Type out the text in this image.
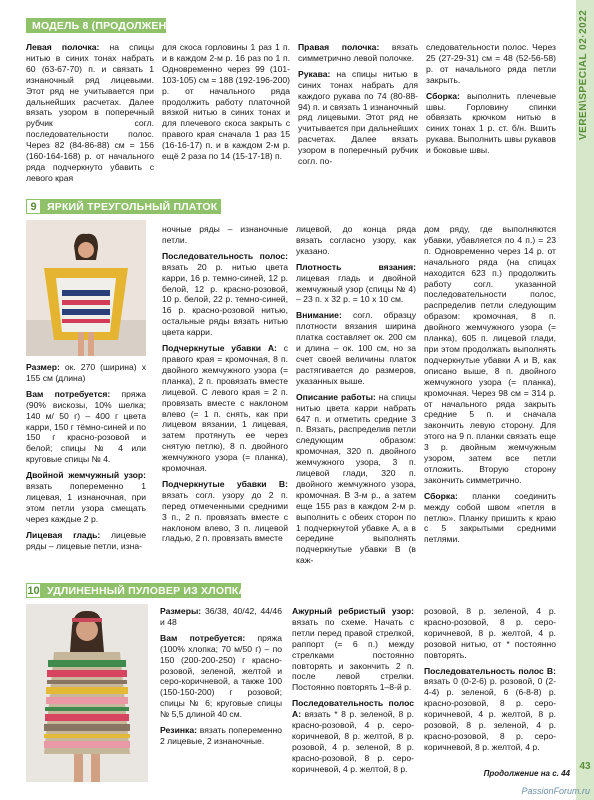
VEREN\SPECIAL 02·2022
МОДЕЛЬ 8 (ПРОДОЛЖЕНИЕ)

Левая полочка: на спицы нитью в синих тонах набрать 60 (63-67-70) п. и связать 1 изнаночный ряд лицевыми. Этот ряд не учитывается при дальнейших расчетах. Далее вязать узором в поперечный рубчик согл. последовательности полос. Через 82 (84-86-88) см = 156 (160-164-168) р. от начального ряда подчеркнуто убавить с левого края

для скоса горловины 1 раз 1 п. и в каждом 2-м р. 16 раз по 1 п. Одновременно через 99 (101-103-105) см = 188 (192-196-200) р. от начального ряда продолжить работу платочной вязкой нитью в синих тонах и для плечевого скоса закрыть с правого края сначала 1 раз 15 (16-16-17) п. и в каждом 2-м р. ещё 2 раза по 14 (15-17-18) п.

Правая полочка: вязать симметрично левой полочке.

Рукава: на спицы нитью в синих тонах набрать для каждого рукава по 74 (80-88-94) п. и связать 1 изнаночный ряд лицевыми. Этот ряд не учитывается при дальнейших расчетах. Далее вязать узором в поперечный рубчик согл. по-

следовательности полос. Через 25 (27-29-31) см = 48 (52-56-58) р. от начального ряда петли закрыть.

Сборка: выполнить плечевые швы. Горловину спинки обвязать крючком нитью в синих тонах 1 р. ст. б/н. Вшить рукава. Выполнить швы рукавов и боковые швы.

9 ЯРКИЙ ТРЕУГОЛЬНЫЙ ПЛАТОК

Размер: ок. 270 (ширина) x 155 см (длина)

Вам потребуется: пряжа (90% вискозы, 10% шелка; 140 м/ 50 г) – 400 г цвета карри, 150 г тёмно-синей и по 150 г красно-розовой и белой; спицы № 4 или круговые спицы № 4.

Двойной жемчужный узор: вязать попеременно 1 лицевая, 1 изнаночная, при этом петли узора смещать через каждые 2 р.

Лицевая гладь: лицевые ряды – лицевые петли, изна-

ночные ряды – изнаночные петли.

Последовательность полос: вязать 20 р. нитью цвета карри, 16 р. темно-синей, 12 р. белой, 12 р. красно-розовой, 10 р. белой, 22 р. темно-синей, 16 р. красно-розовой нитью, остальные ряды вязать нитью цвета карри.

Подчеркнутые убавки А: с правого края = кромочная, 8 п. двойного жемчужного узора (= планка), 2 п. провязать вместе лицевой. С левого края = 2 п. провязать вместе с наклоном влево (= 1 п. снять, как при лицевом вязании, 1 лицевая, затем протянуть ее через снятую петлю), 8 п. двойного жемчужного узора (= планка), кромочная.

Подчеркнутые убавки В: вязать согл. узору до 2 п. перед отмеченными средними 3 п., 2 п. провязать вместе с наклоном влево, 3 п. лицевой гладью, 2 п. провязать вместе

лицевой, до конца ряда вязать согласно узору, как указано.

Плотность вязания: лицевая гладь и двойной жемчужный узор (спицы № 4) – 23 п. x 32 р. = 10 x 10 см.

Внимание: согл. образцу плотности вязания ширина платка составляет ок. 200 см и длина – ок. 100 см, но за счет своей величины платок растягивается до размеров, указанных выше.

Описание работы: на спицы нитью цвета карри набрать 647 п. и отметить средние 3 п. Вязать, распределив петли следующим образом: кромочная, 320 п. двойного жемчужного узора, 3 п. лицевой глади, 320 п. двойного жемчужного узора, кромочная. В 3-м р., а затем еще 155 раз в каждом 2-м р. выполнить с обеих сторон по 1 подчеркнутой убавке А, а в середине выполнять подчеркнутые убавки В (в каж-

дом ряду, где выполняются убавки, убавляется по 4 п.) = 23 п. Одновременно через 14 р. от начального ряда (на спицах находится 623 п.) продолжить работу согл. указанной последовательности полос, распределив петли следующим образом: кромочная, 8 п. двойного жемчужного узора (= планка), 605 п. лицевой глади, при этом продолжать выполнять подчеркнутые убавки А и В, как описано выше, 8 п. двойного жемчужного узора (= планка), кромочная. Через 98 см = 314 р. от начального ряда закрыть средние 5 п. и сначала закончить левую сторону. Для этого на 9 п. планки связать еще 3 р. двойным жемчужным узором, затем все петли отложить. Вторую сторону закончить симметрично.

Сборка: планки соединить между собой швом «петля в петлю». Планку пришить к краю с 5 закрытыми средними петлями.

10 УДЛИНЕННЫЙ ПУЛОВЕР ИЗ ХЛОПКА

Размеры: 36/38, 40/42, 44/46 и 48

Вам потребуется: пряжа (100% хлопка; 70 м/50 г) – по 150 (200-200-250) г красно-розовой, зеленой, желтой и серо-коричневой, а также 100 (150-150-200) г розовой; спицы № 6; круговые спицы № 5,5 длиной 40 см.

Резинка: вязать попеременно 2 лицевые, 2 изнаночные.

Ажурный ребристый узор: вязать по схеме. Начать с петли перед правой стрелкой, раппорт (= 6 п.) между стрелками постоянно повторять и закончить 2 п. после левой стрелки. Постоянно повторять 1–8-й р.

Последовательность полос А: вязать * 8 р. зеленой, 8 р. красно-розовой, 4 р. серо-коричневой, 8 р. желтой, 8 р. розовой, 4 р. зеленой, 8 р. красно-розовой, 8 р. серо-коричневой, 4 р. желтой, 8 р.

розовой, 8 р. зеленой, 4 р. красно-розовой, 8 р. серо-коричневой, 8 р. желтой, 4 р. розовой нитью, от * постоянно повторять.

Последовательность полос В: вязать 0 (0-2-6) р. розовой, 0 (2-4-4) р. зеленой, 6 (6-8-8) р. красно-розовой, 8 р. серо-коричневой, 4 р. желтой, 8 р. розовой, 8 р. зеленой, 4 р. красно-розовой, 8 р. серо-коричневой, 8 р. желтой, 4 р.

Продолжение на с. 44
43
PassionForum.ru
